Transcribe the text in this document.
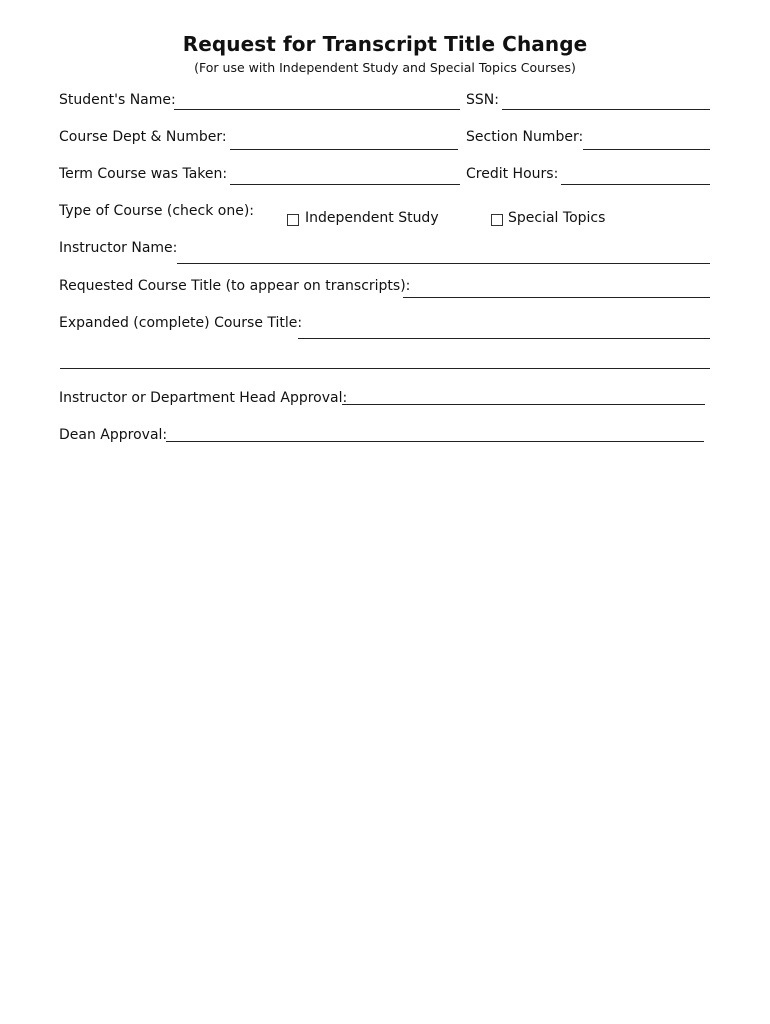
Request for Transcript Title Change
(For use with Independent Study and Special Topics Courses)
Student's Name:	SSN:
Course Dept & Number:	Section Number:
Term Course was Taken:	Credit Hours:
Type of Course (check one):	Independent Study	Special Topics
Instructor Name:
Requested Course Title (to appear on transcripts):
Expanded (complete) Course Title:
Instructor or Department Head Approval:
Dean Approval:
